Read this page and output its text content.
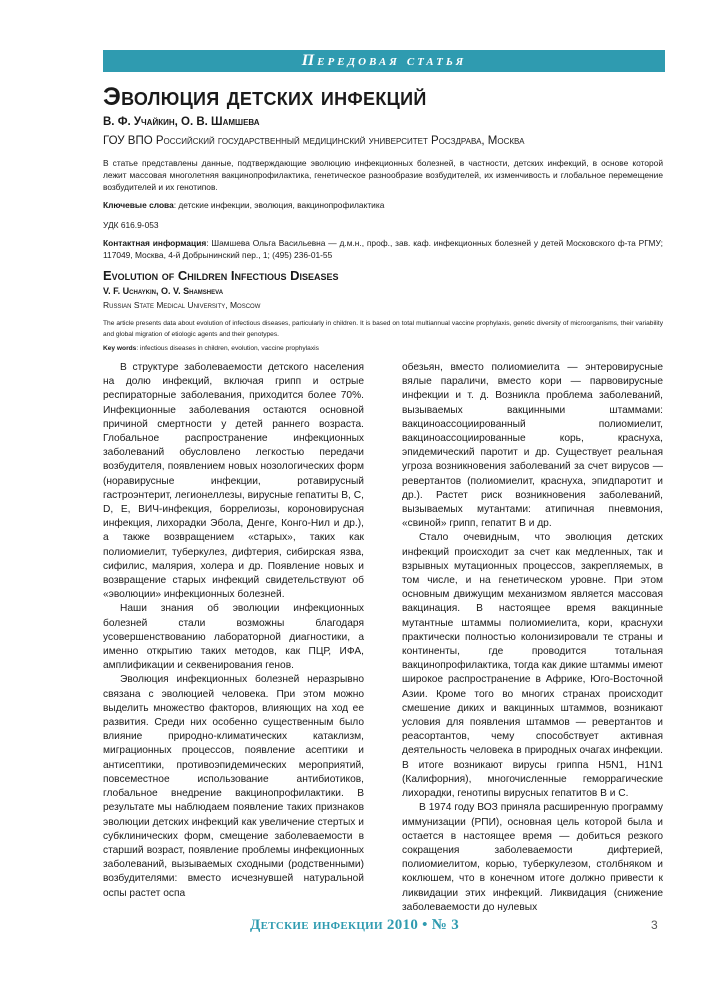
Передовая статья
Эволюция детских инфекций
В. Ф. Учайкин, О. В. Шамшева
ГОУ ВПО Российский государственный медицинский университет Росздрава, Москва

В статье представлены данные, подтверждающие эволюцию инфекционных болезней, в частности, детских инфекций, в основе которой лежит массовая многолетняя вакцинопрофилактика, генетическое разнообразие возбудителей, их изменчивость и глобальное перемещение возбудителей и их генотипов.

Ключевые слова: детские инфекции, эволюция, вакцинопрофилактика
УДК 616.9-053

Контактная информация: Шамшева Ольга Васильевна — д.м.н., проф., зав. каф. инфекционных болезней у детей Московского ф-та РГМУ; 117049, Москва, 4-й Добрынинский пер., 1; (495) 236-01-55

Evolution of Children Infectious Diseases
V. F. Uchaykin, O. V. Shamsheva
Russian State Medical University, Moscow

The article presents data about evolution of infectious diseases, particularly in children. It is based on total multiannual vaccine prophylaxis, genetic diversity of microorganisms, their variability and global migration of etiologic agents and their genotypes.

Key words: infectious diseases in children, evolution, vaccine prophylaxis

В структуре заболеваемости детского населения на долю инфекций, включая грипп и острые респираторные заболевания, приходится более 70%. Инфекционные заболевания остаются основной причиной смертности у детей раннего возраста. Глобальное распространение инфекционных заболеваний обусловлено легкостью передачи возбудителя, появлением новых нозологических форм (норавирусные инфекции, ротавирусный гастроэнтерит, легионеллезы, вирусные гепатиты В, С, D, Е, ВИЧ-инфекция, боррелиозы, короновирусная инфекция, лихорадки Эбола, Денге, Конго-Нил и др.), а также возвращением «старых», таких как полиомиелит, туберкулез, дифтерия, сибирская язва, сифилис, малярия, холера и др. Появление новых и возвращение старых инфекций свидетельствуют об «эволюции» инфекционных болезней.

Наши знания об эволюции инфекционных болезней стали возможны благодаря усовершенствованию лабораторной диагностики, а именно открытию таких методов, как ПЦР, ИФА, амплификации и секвенирования генов.

Эволюция инфекционных болезней неразрывно связана с эволюцией человека. При этом можно выделить множество факторов, влияющих на ход ее развития. Среди них особенно существенным было влияние природно-климатических катаклизм, миграционных процессов, появление асептики и антисептики, противоэпидемических мероприятий, повсеместное использование антибиотиков, глобальное внедрение вакцинопрофилактики. В результате мы наблюдаем появление таких признаков эволюции детских инфекций как увеличение стертых и субклинических форм, смещение заболеваемости в старший возраст, появление проблемы инфекционных заболеваний, вызываемых сходными (родственными) возбудителями: вместо исчезнувшей натуральной оспы растет оспа

обезьян, вместо полиомиелита — энтеровирусные вялые параличи, вместо кори — парвовирусные инфекции и т. д. Возникла проблема заболеваний, вызываемых вакцинными штаммами: вакциноассоциированный полиомиелит, вакциноассоциированные корь, краснуха, эпидемический паротит и др. Существует реальная угроза возникновения заболеваний за счет вирусов — ревертантов (полиомиелит, краснуха, эпидпаротит и др.). Растет риск возникновения заболеваний, вызываемых мутантами: атипичная пневмония, «свиной» грипп, гепатит В и др.

Стало очевидным, что эволюция детских инфекций происходит за счет как медленных, так и взрывных мутационных процессов, закрепляемых, в том числе, и на генетическом уровне. При этом основным движущим механизмом является массовая вакцинация. В настоящее время вакцинные мутантные штаммы полиомиелита, кори, краснухи практически полностью колонизировали те страны и континенты, где проводится тотальная вакцинопрофилактика, тогда как дикие штаммы имеют широкое распространение в Африке, Юго-Восточной Азии. Кроме того во многих странах происходит смешение диких и вакцинных штаммов, возникают условия для появления штаммов — ревертантов и реасортантов, чему способствует активная деятельность человека в природных очагах инфекции. В итоге возникают вирусы гриппа H5N1, H1N1 (Калифорния), многочисленные геморрагические лихорадки, генотипы вирусных гепатитов В и С.

В 1974 году ВОЗ приняла расширенную программу иммунизации (РПИ), основная цель которой была и остается в настоящее время — добиться резкого сокращения заболеваемости дифтерией, полиомиелитом, корью, туберкулезом, столбняком и коклюшем, что в конечном итоге должно привести к ликвидации этих инфекций. Ликвидация (снижение заболеваемости до нулевых

Детские инфекции 2010 • № 3	3
